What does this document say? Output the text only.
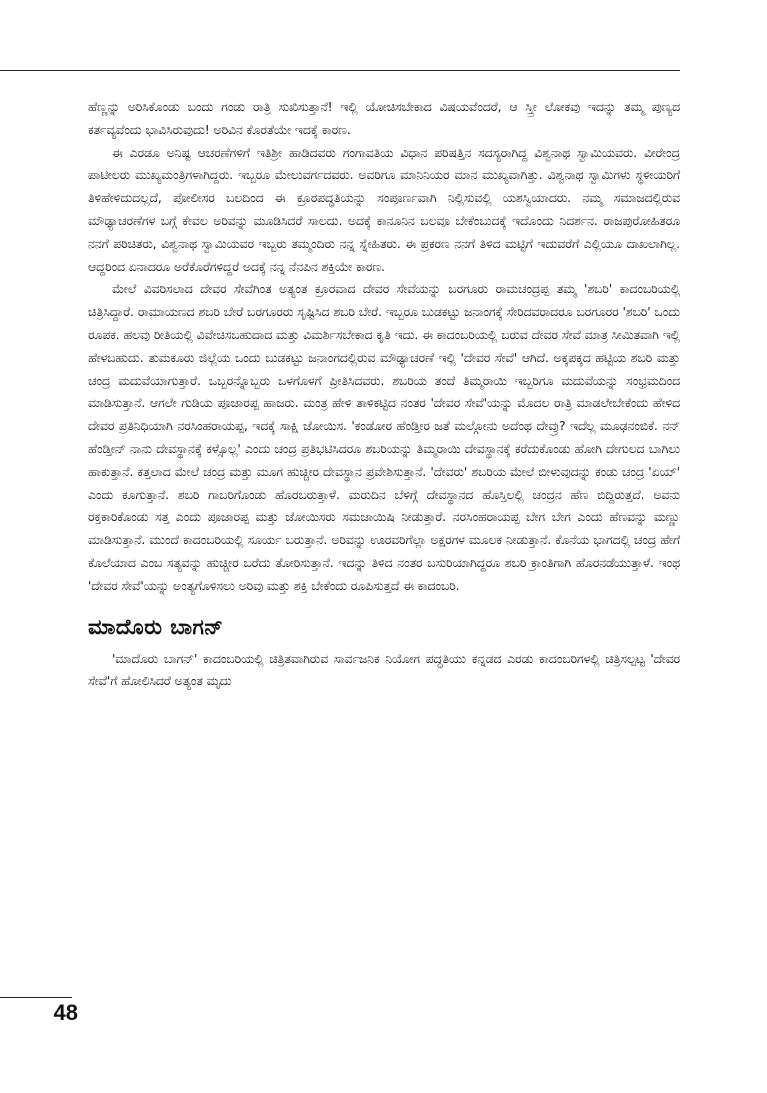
ಹೆಣ್ಣನ್ನು ಅರಿಸಿಕೊಂಡು ಬಂದು ಗಂಡು ರಾತ್ರಿ ಸುಖಿಸುತ್ತಾನೆ! ಇಲ್ಲಿ ಯೋಚಿಸಬೇಕಾದ ವಿಷಯವೆಂದರೆ, ಆ ಸ್ತ್ರೀ ಲೋಕವು ಇದನ್ನು ತಮ್ಮ ಪುಣ್ಯದ ಕರ್ತವ್ಯವೆಂದು ಭಾವಿಸಿರುವುದು! ಅರಿವಿನ ಕೊರತೆಯೇ ಇದಕ್ಕೆ ಕಾರಣ.

ಈ ಎರಡೂ ಅನಿಷ್ಟ ಆಚರಣೆಗಳಿಗೆ ಇತಿಶ್ರೀ ಹಾಡಿದವರು ಗಂಗಾವತಿಯ ವಿಧಾನ ಪರಿಷತ್ತಿನ ಸದಸ್ಯರಾಗಿದ್ದ ವಿಶ್ವನಾಥ ಸ್ವಾಮಿಯವರು. ವೀರೇಂದ್ರ ಪಾಟೀಲರು ಮುಖ್ಯಮಂತ್ರಿಗಳಾಗಿದ್ದರು. ಇಬ್ಬರೂ ಮೇಲುವರ್ಗದವರು. ಅವರಿಗೂ ಮಾನಿನಿಯರ ಮಾನ ಮುಖ್ಯವಾಗಿತ್ತು. ವಿಶ್ವನಾಥ ಸ್ವಾಮಿಗಳು ಸ್ಥಳೀಯರಿಗೆ ತಿಳಿಹೇಳಿದುದಲ್ಲದೆ, ಪೋಲೀಸರ ಬಲದಿಂದ ಈ ಕ್ರೂರಪದ್ಧತಿಯನ್ನು ಸಂಪೂರ್ಣವಾಗಿ ನಿಲ್ಲಿಸುವಲ್ಲಿ ಯಶಸ್ವಿಯಾದರು. ನಮ್ಮ ಸಮಾಜದಲ್ಲಿರುವ ಮೌಢ್ಯಾಚರಣೆಗಳ ಬಗ್ಗೆ ಕೇವಲ ಅರಿವನ್ನು ಮೂಡಿಸಿದರೆ ಸಾಲದು. ಅದಕ್ಕೆ ಕಾನೂನಿನ ಬಲವೂ ಬೇಕೆಂಬುದಕ್ಕೆ ಇದೊಂದು ನಿದರ್ಶನ. ರಾಜಪುರೋಹಿತರೂ ನನಗೆ ಪರಿಚಿತರು, ವಿಶ್ವನಾಥ ಸ್ವಾಮಿಯವರ ಇಬ್ಬರು ತಮ್ಮಂದಿರು ನನ್ನ ಸ್ನೇಹಿತರು. ಈ ಪ್ರಕರಣ ನನಗೆ ತಿಳಿದ ಮಟ್ಟಿಗೆ ಇದುವರೆಗೆ ಎಲ್ಲಿಯೂ ದಾಖಲಾಗಿಲ್ಲ. ಆದ್ದರಿಂದ ಏನಾದರೂ ಅರೆಕೊರೆಗಳಿದ್ದರೆ ಅದಕ್ಕೆ ನನ್ನ ನೆನಪಿನ ಶಕ್ತಿಯೇ ಕಾರಣ.

ಮೇಲೆ ವಿವರಿಸಲಾದ ದೇವರ ಸೇವೆಗಿಂತ ಅತ್ಯಂತ ಕ್ರೂರವಾದ ದೇವರ ಸೇವೆಯನ್ನು ಬರಗೂರು ರಾಮಚಂದ್ರಪ್ಪ ತಮ್ಮ 'ಶಬರಿ' ಕಾದಂಬರಿಯಲ್ಲಿ ಚಿತ್ರಿಸಿದ್ದಾರೆ. ರಾಮಾಯಣದ ಶಬರಿ ಬೇರೆ ಬರಗೂರರು ಸೃಷ್ಟಿಸಿದ ಶಬರಿ ಬೇರೆ. ಇಬ್ಬರೂ ಬುಡಕಟ್ಟು ಜನಾಂಗಕ್ಕೆ ಸೇರಿದವರಾದರೂ ಬರಗೂರರ 'ಶಬರಿ' ಒಂದು ರೂಪಕ. ಹಲವು ರೀತಿಯಲ್ಲಿ ವಿವೇಚಿಸಬಹುದಾದ ಮತ್ತು ವಿಮರ್ಶಿಸಬೇಕಾದ ಕೃತಿ ಇದು. ಈ ಕಾದಂಬರಿಯಲ್ಲಿ ಬರುವ ದೇವರ ಸೇವೆ ಮಾತ್ರ ಸೀಮಿತವಾಗಿ ಇಲ್ಲಿ ಹೇಳಬಹುದು. ತುಮಕೂರು ಜಿಲ್ಲೆಯ ಒಂದು ಬುಡಕಟ್ಟು ಜನಾಂಗದಲ್ಲಿರುವ ಮೌಢ್ಯಾಚರಣೆ ಇಲ್ಲಿ 'ದೇವರ ಸೇವೆ' ಆಗಿದೆ. ಅಕ್ಕಪಕ್ಕದ ಹಟ್ಟಿಯ ಶಬರಿ ಮತ್ತು ಚಂದ್ರ ಮದುವೆಯಾಗುತ್ತಾರೆ. ಒಬ್ಬರನ್ನೊಬ್ಬರು ಒಳಗೊಳಗೆ ಪ್ರೀತಿಸಿದವರು. ಶಬರಿಯ ತಂದೆ ತಿಮ್ಮರಾಯಿ ಇಬ್ಬರಿಗೂ ಮದುವೆಯನ್ನು ಸಂಭ್ರಮದಿಂದ ಮಾಡಿಸುತ್ತಾನೆ. ಆಗಲೇ ಗುಡಿಯ ಪೂಜಾರಪ್ಪ ಹಾಜರು. ಮಂತ್ರ ಹೇಳಿ ತಾಳಿಕಟ್ಟಿದ ನಂತರ 'ದೇವರ ಸೇವೆ'ಯನ್ನು ಮೊದಲ ರಾತ್ರಿ ಮಾಡಲೇಬೇಕೆಂದು ಹೇಳಿದ ದೇವರ ಪ್ರತಿನಿಧಿಯಾಗಿ ನರಸಿಂಹರಾಯಪ್ಪ, ಇದಕ್ಕೆ ಸಾಕ್ಷಿ ಜೋಯಿಸ. 'ಕಂಡೋರ ಹೆಂಡ್ತೀರ ಜತೆ ಮಲ್ಗೋನು ಅದೆಂಥ ದೇವ್ರು? ಇದೆಲ್ಲ ಮೂಢನಂಬಿಕೆ. ನನ್ ಹೆಂಡ್ತೀನ್ ನಾನು ದೇವಸ್ಥಾನಕ್ಕೆ ಕಳ್ಸೊಲ್ಲ' ಎಂದು ಚಂದ್ರ ಪ್ರತಿಭಟಿಸಿದರೂ ಶಬರಿಯನ್ನು ತಿಮ್ಮರಾಯಿ ದೇವಸ್ಥಾನಕ್ಕೆ ಕರೆದುಕೊಂಡು ಹೋಗಿ ದೇಗುಲದ ಬಾಗಿಲು ಹಾಕುತ್ತಾನೆ. ಕತ್ತಲಾದ ಮೇಲೆ ಚಂದ್ರ ಮತ್ತು ಮೂಗ ಹುಚ್ಚೀರ ದೇವಸ್ಥಾನ ಪ್ರವೇಶಿಸುತ್ತಾನೆ. 'ದೇವರು' ಶಬರಿಯ ಮೇಲೆ ಬೀಳುವುದನ್ನು ಕಂಡು ಚಂದ್ರ 'ಏಯ್' ಎಂದು ಕೂಗುತ್ತಾನೆ. ಶಬರಿ ಗಾಬರಿಗೊಂಡು ಹೊರಬರುತ್ತಾಳೆ. ಮರುದಿನ ಬೆಳಿಗ್ಗೆ ದೇವಸ್ಥಾನದ ಹೊಸ್ತಿಲಲ್ಲಿ ಚಂದ್ರನ ಹೆಣ ಬಿದ್ದಿರುತ್ತದೆ. ಅವನು ರಕ್ತಕಾರಿಕೊಂಡು ಸತ್ತ ಎಂದು ಪೂಜಾರಪ್ಪ ಮತ್ತು ಜೋಯಿಸರು ಸಮಜಾಯಿಷಿ ನೀಡುತ್ತಾರೆ. ನರಸಿಂಹರಾಯಪ್ಪ ಬೇಗ ಬೇಗ ಎಂದು ಹೆಣವನ್ನು ಮಣ್ಣು ಮಾಡಿಸುತ್ತಾನೆ. ಮುಂದೆ ಕಾದಂಬರಿಯಲ್ಲಿ ಸೂರ್ಯ ಬರುತ್ತಾನೆ. ಅರಿವನ್ನು ಊರವರಿಗೆಲ್ಲಾ ಅಕ್ಷರಗಳ ಮೂಲಕ ನೀಡುತ್ತಾನೆ. ಕೊನೆಯ ಭಾಗದಲ್ಲಿ ಚಂದ್ರ ಹೇಗೆ ಕೊಲೆಯಾದ ಎಂಬ ಸತ್ಯವನ್ನು ಹುಚ್ಚೀರ ಬರೆದು ತೋರಿಸುತ್ತಾನೆ. ಇದನ್ನು ತಿಳಿದ ನಂತರ ಬಸುರಿಯಾಗಿದ್ದರೂ ಶಬರಿ ಕ್ರಾಂತಿಗಾಗಿ ಹೊರನಡೆಯುತ್ತಾಳೆ. ಇಂಥ 'ದೇವರ ಸೇವೆ'ಯನ್ನು ಅಂತ್ಯಗೊಳಿಸಲು ಅರಿವು ಮತ್ತು ಶಕ್ತಿ ಬೇಕೆಂದು ರೂಪಿಸುತ್ತದೆ ಈ ಕಾದಂಬರಿ.

ಮಾದೊರು ಬಾಗನ್

'ಮಾದೊರು ಬಾಗನ್' ಕಾದಂಬರಿಯಲ್ಲಿ ಚಿತ್ರಿತವಾಗಿರುವ ಸಾರ್ವಜನಿಕ ನಿಯೋಗ ಪದ್ಧತಿಯು ಕನ್ನಡದ ಎರಡು ಕಾದಂಬರಿಗಳಲ್ಲಿ ಚಿತ್ರಿಸಲ್ಪಟ್ಟ 'ದೇವರ ಸೇವೆ'ಗೆ ಹೋಲಿಸಿದರೆ ಅತ್ಯಂತ ಮೃದು

48
